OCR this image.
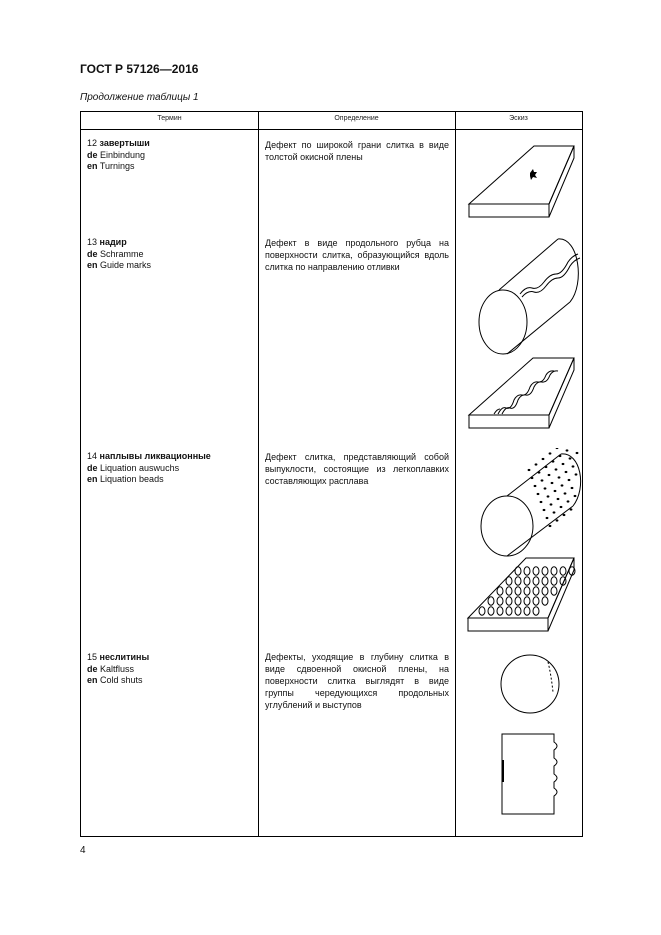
ГОСТ Р 57126—2016
Продолжение таблицы 1
Термин	Определение	Эскиз
12 завертыши
de Einbindung
en Turnings
Дефект по широкой грани слитка в виде толстой окисной плены
13 надир
de Schramme
en Guide marks
Дефект в виде продольного рубца на поверхности слитка, образующийся вдоль слитка по направлению отливки
14 наплывы ликвационные
de Liquation auswuchs
en Liquation beads
Дефект слитка, представляющий собой выпуклости, состоящие из легкоплавких составляющих расплава
15 неслитины
de Kaltfluss
en Cold shuts
Дефекты, уходящие в глубину слитка в виде сдвоенной окисной плены, на поверхности слитка выглядят в виде группы чередующихся продольных углублений и выступов
4
